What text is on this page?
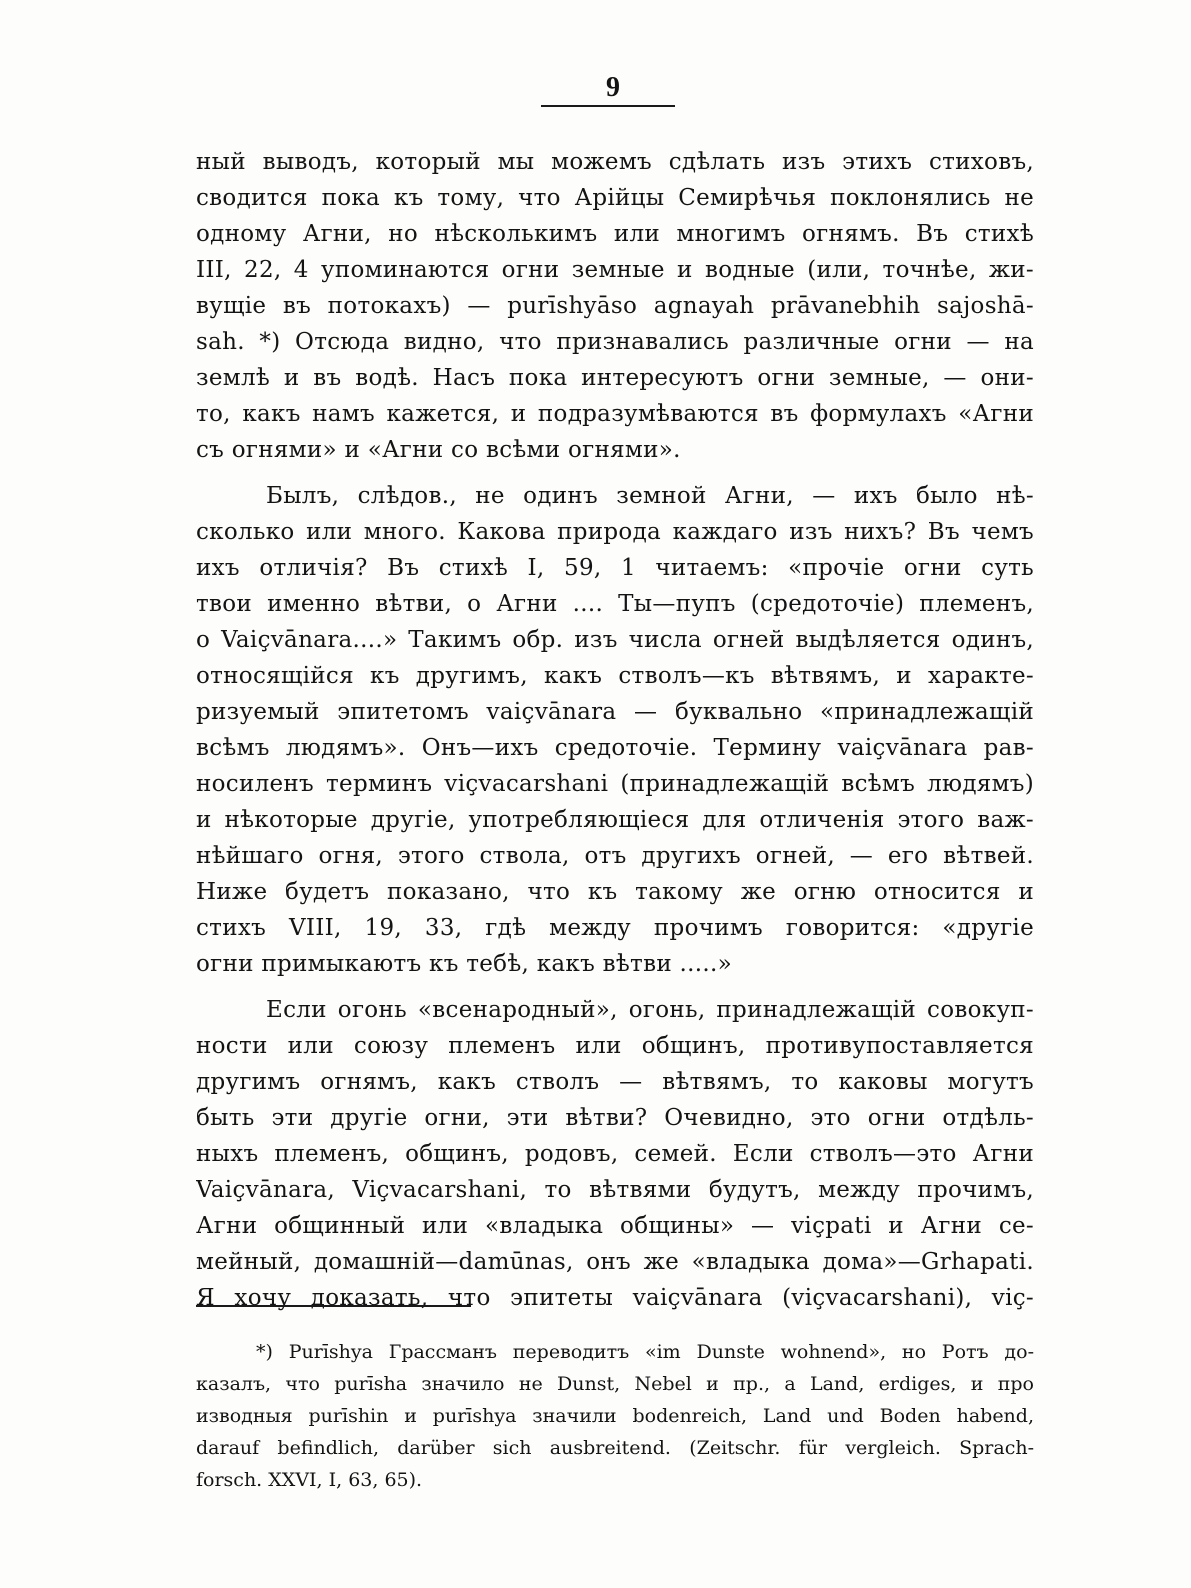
9
ный выводъ, который мы можемъ сдѣлать изъ этихъ стиховъ,
сводится пока къ тому, что Арійцы Семирѣчья поклонялись не
одному Агни, но нѣсколькимъ или многимъ огнямъ. Въ стихѣ
III, 22, 4 упоминаются огни земные и водные (или, точнѣе, жи-
вущіе въ потокахъ) — purīshyāso agnayah prāvanebhih sajoshā-
sah. *) Отсюда видно, что признавались различные огни — на
землѣ и въ водѣ. Насъ пока интересуютъ огни земные, — они-
то, какъ намъ кажется, и подразумѣваются въ формулахъ «Агни
съ огнями» и «Агни со всѣми огнями».
Былъ, слѣдов., не одинъ земной Агни, — ихъ было нѣ-
сколько или много. Какова природа каждаго изъ нихъ? Въ чемъ
ихъ отличія? Въ стихѣ I, 59, 1 читаемъ: «прочіе огни суть
твои именно вѣтви, о Агни .... Ты—пупъ (средоточіе) племенъ,
о Vaiçvānara....» Такимъ обр. изъ числа огней выдѣляется одинъ,
относящійся къ другимъ, какъ стволъ—къ вѣтвямъ, и характе-
ризуемый эпитетомъ vaiçvānara — буквально «принадлежащій
всѣмъ людямъ». Онъ—ихъ средоточіе. Термину vaiçvānara рав-
носиленъ терминъ viçvacarshani (принадлежащій всѣмъ людямъ)
и нѣкоторые другіе, употребляющіеся для отличенія этого важ-
нѣйшаго огня, этого ствола, отъ другихъ огней, — его вѣтвей.
Ниже будетъ показано, что къ такому же огню относится и
стихъ VIII, 19, 33, гдѣ между прочимъ говорится: «другіе
огни примыкаютъ къ тебѣ, какъ вѣтви .....»
Если огонь «всенародный», огонь, принадлежащій совокуп-
ности или союзу племенъ или общинъ, противупоставляется
другимъ огнямъ, какъ стволъ — вѣтвямъ, то каковы могутъ
быть эти другіе огни, эти вѣтви? Очевидно, это огни отдѣль-
ныхъ племенъ, общинъ, родовъ, семей. Если стволъ—это Агни
Vaiçvānara, Viçvacarshani, то вѣтвями будутъ, между прочимъ,
Агни общинный или «владыка общины» — viçpati и Агни се-
мейный, домашній—damūnas, онъ же «владыка дома»—Grhapati.
Я хочу доказать, что эпитеты vaiçvānara (viçvacarshani), viç-
*) Purīshya Грассманъ переводитъ «im Dunste wohnend», но Ротъ до-
казалъ, что purīsha значило не Dunst, Nebel и пр., а Land, erdiges, и про
изводныя purīshin и purīshya значили bodenreich, Land und Boden habend,
darauf befindlich, darüber sich ausbreitend. (Zeitschr. für vergleich. Sprach-
forsch. XXVI, I, 63, 65).
